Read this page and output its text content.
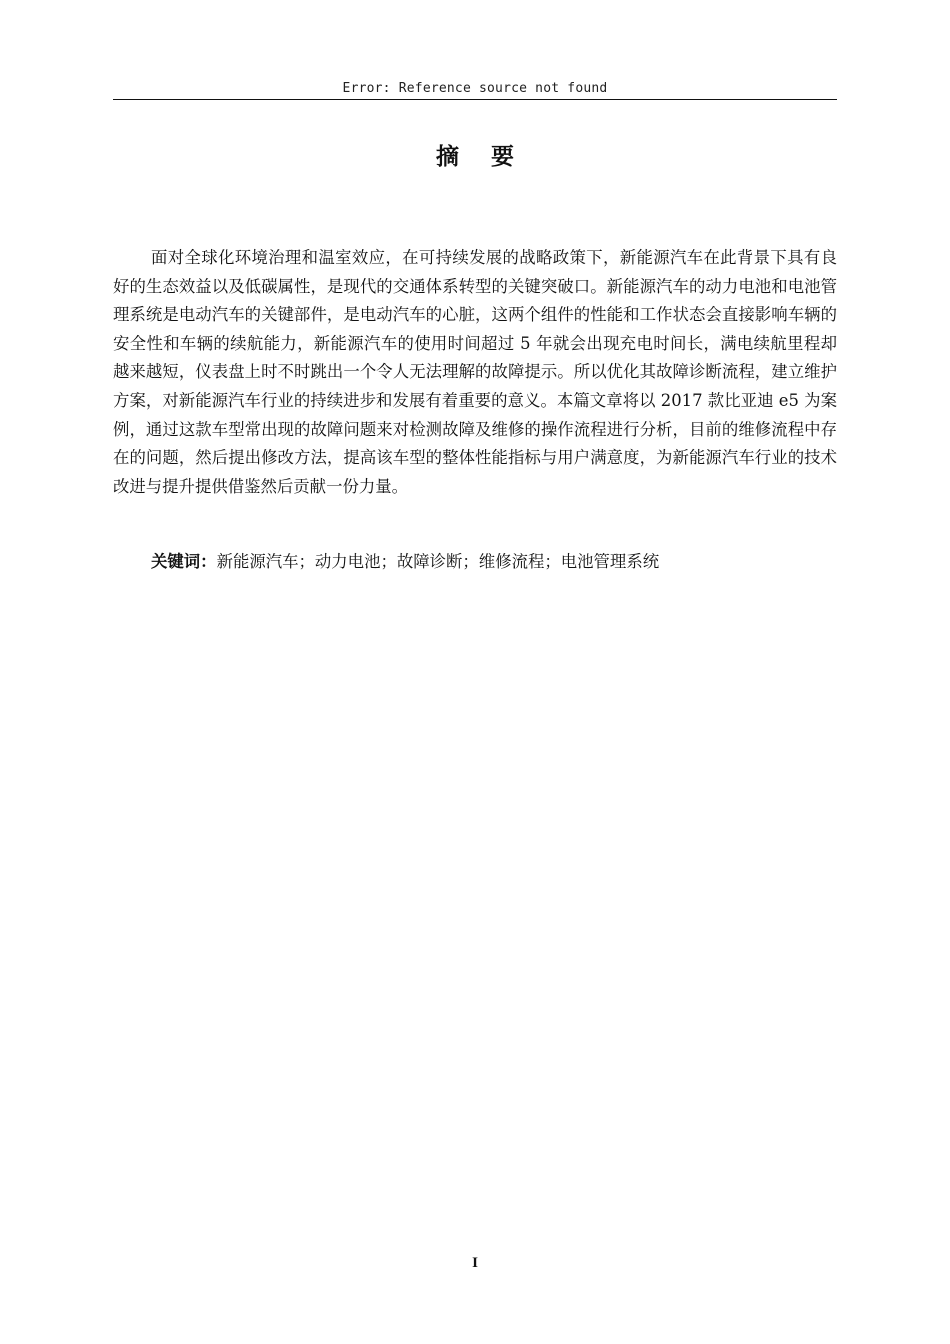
Error: Reference source not found
摘 要

面对全球化环境治理和温室效应，在可持续发展的战略政策下，新能源汽车在此背景下具有良好的生态效益以及低碳属性，是现代的交通体系转型的关键突破口。新能源汽车的动力电池和电池管理系统是电动汽车的关键部件，是电动汽车的心脏，这两个组件的性能和工作状态会直接影响车辆的安全性和车辆的续航能力，新能源汽车的使用时间超过 5 年就会出现充电时间长，满电续航里程却越来越短，仪表盘上时不时跳出一个令人无法理解的故障提示。所以优化其故障诊断流程，建立维护方案，对新能源汽车行业的持续进步和发展有着重要的意义。本篇文章将以 2017 款比亚迪 e5 为案例，通过这款车型常出现的故障问题来对检测故障及维修的操作流程进行分析，目前的维修流程中存在的问题，然后提出修改方法，提高该车型的整体性能指标与用户满意度，为新能源汽车行业的技术改进与提升提供借鉴然后贡献一份力量。

关键词：新能源汽车；动力电池；故障诊断；维修流程；电池管理系统

I
